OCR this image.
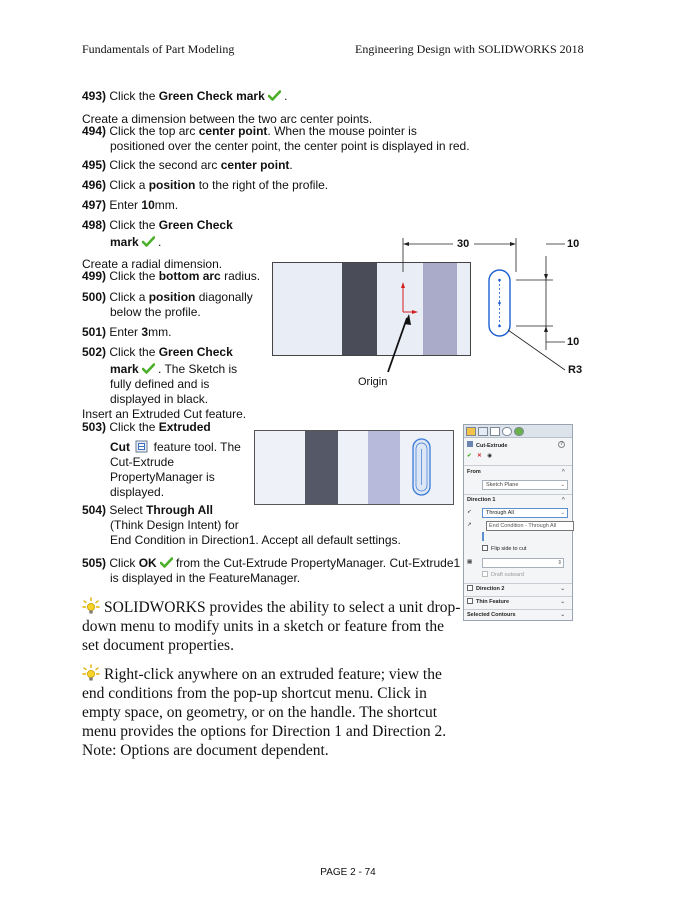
Fundamentals of Part Modeling	Engineering Design with SOLIDWORKS 2018
493) Click the Green Check mark .
Create a dimension between the two arc center points.
494) Click the top arc center point. When the mouse pointer is
positioned over the center point, the center point is displayed in red.
495) Click the second arc center point.
496) Click a position to the right of the profile.
497) Enter 10mm.
498) Click the Green Check
mark .
Create a radial dimension.
499) Click the bottom arc radius.
500) Click a position diagonally
below the profile.
501) Enter 3mm.
502) Click the Green Check
mark . The Sketch is
fully defined and is
displayed in black.
Insert an Extruded Cut feature.
503) Click the Extruded
Cut  feature tool. The
Cut-Extrude
PropertyManager is
displayed.
504) Select Through All
(Think Design Intent) for
End Condition in Direction1. Accept all default settings.
505) Click OK from the Cut-Extrude PropertyManager. Cut-Extrude1
is displayed in the FeatureManager.
SOLIDWORKS provides the ability to select a unit drop-down menu to modify units in a sketch or feature from the set document properties.
Right-click anywhere on an extruded feature; view the end conditions from the pop-up shortcut menu. Click in empty space, on geometry, or on the handle. The shortcut menu provides the options for Direction 1 and Direction 2. Note: Options are document dependent.
30	10
10
R3
Origin
Cut-Extrude	?
✔ ✕ ◉
From	^
Sketch Plane	⌄
Direction 1	^
➶	Through All	⌄
↗	End Condition - Through All
Flip side to cut
▦	⇕
Draft outward
Direction 2	⌄
Thin Feature	⌄
Selected Contours	⌄
PAGE 2 - 74
